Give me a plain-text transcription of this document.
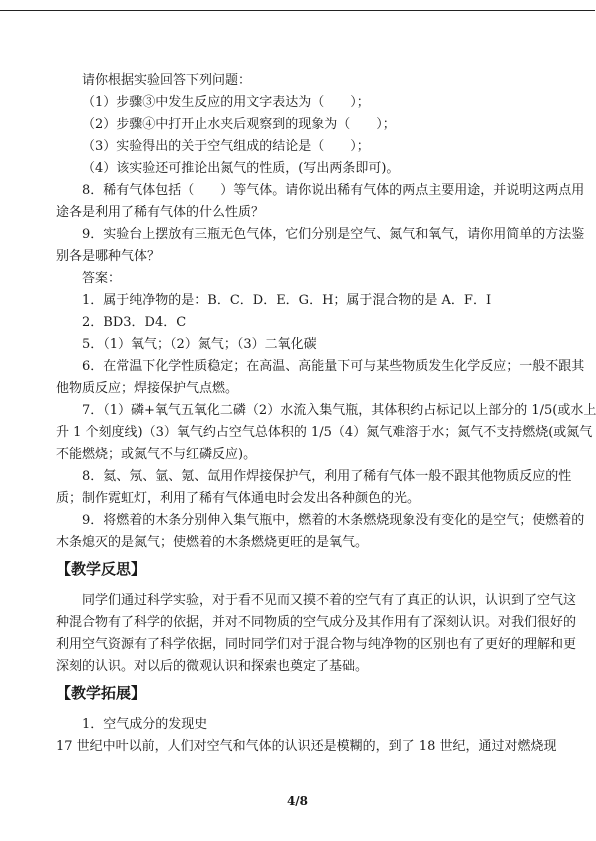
请你根据实验回答下列问题：
（1）步骤③中发生反应的用文字表达为（　　）；
（2）步骤④中打开止水夹后观察到的现象为（　　）；
（3）实验得出的关于空气组成的结论是（　　）；
（4）该实验还可推论出氮气的性质，(写出两条即可)。
8．稀有气体包括（　　）等气体。请你说出稀有气体的两点主要用途，并说明这两点用
途各是利用了稀有气体的什么性质？
9．实验台上摆放有三瓶无色气体，它们分别是空气、氮气和氧气，请你用简单的方法鉴
别各是哪种气体？
答案：
1．属于纯净物的是：B．C．D．E．G．H；属于混合物的是 A．F．I
2．BD3．D4．C
5．（1）氧气；（2）氮气；（3）二氧化碳
6．在常温下化学性质稳定；在高温、高能量下可与某些物质发生化学反应；一般不跟其
他物质反应；焊接保护气点燃。
7．（1）磷+氧气五氧化二磷（2）水流入集气瓶，其体积约占标记以上部分的 1/5(或水上
升 1 个刻度线)（3）氧气约占空气总体积的 1/5（4）氮气难溶于水；氮气不支持燃烧(或氮气
不能燃烧；或氮气不与红磷反应)。
8．氦、氖、氩、氪、氙用作焊接保护气，利用了稀有气体一般不跟其他物质反应的性
质；制作霓虹灯，利用了稀有气体通电时会发出各种颜色的光。
9．将燃着的木条分别伸入集气瓶中，燃着的木条燃烧现象没有变化的是空气；使燃着的
木条熄灭的是氮气；使燃着的木条燃烧更旺的是氧气。
【教学反思】
同学们通过科学实验，对于看不见而又摸不着的空气有了真正的认识，认识到了空气这
种混合物有了科学的依据，并对不同物质的空气成分及其作用有了深刻认识。对我们很好的
利用空气资源有了科学依据，同时同学们对于混合物与纯净物的区别也有了更好的理解和更
深刻的认识。对以后的微观认识和探索也奠定了基础。
【教学拓展】
1．空气成分的发现史
17 世纪中叶以前，人们对空气和气体的认识还是模糊的，到了 18 世纪，通过对燃烧现
4/8
